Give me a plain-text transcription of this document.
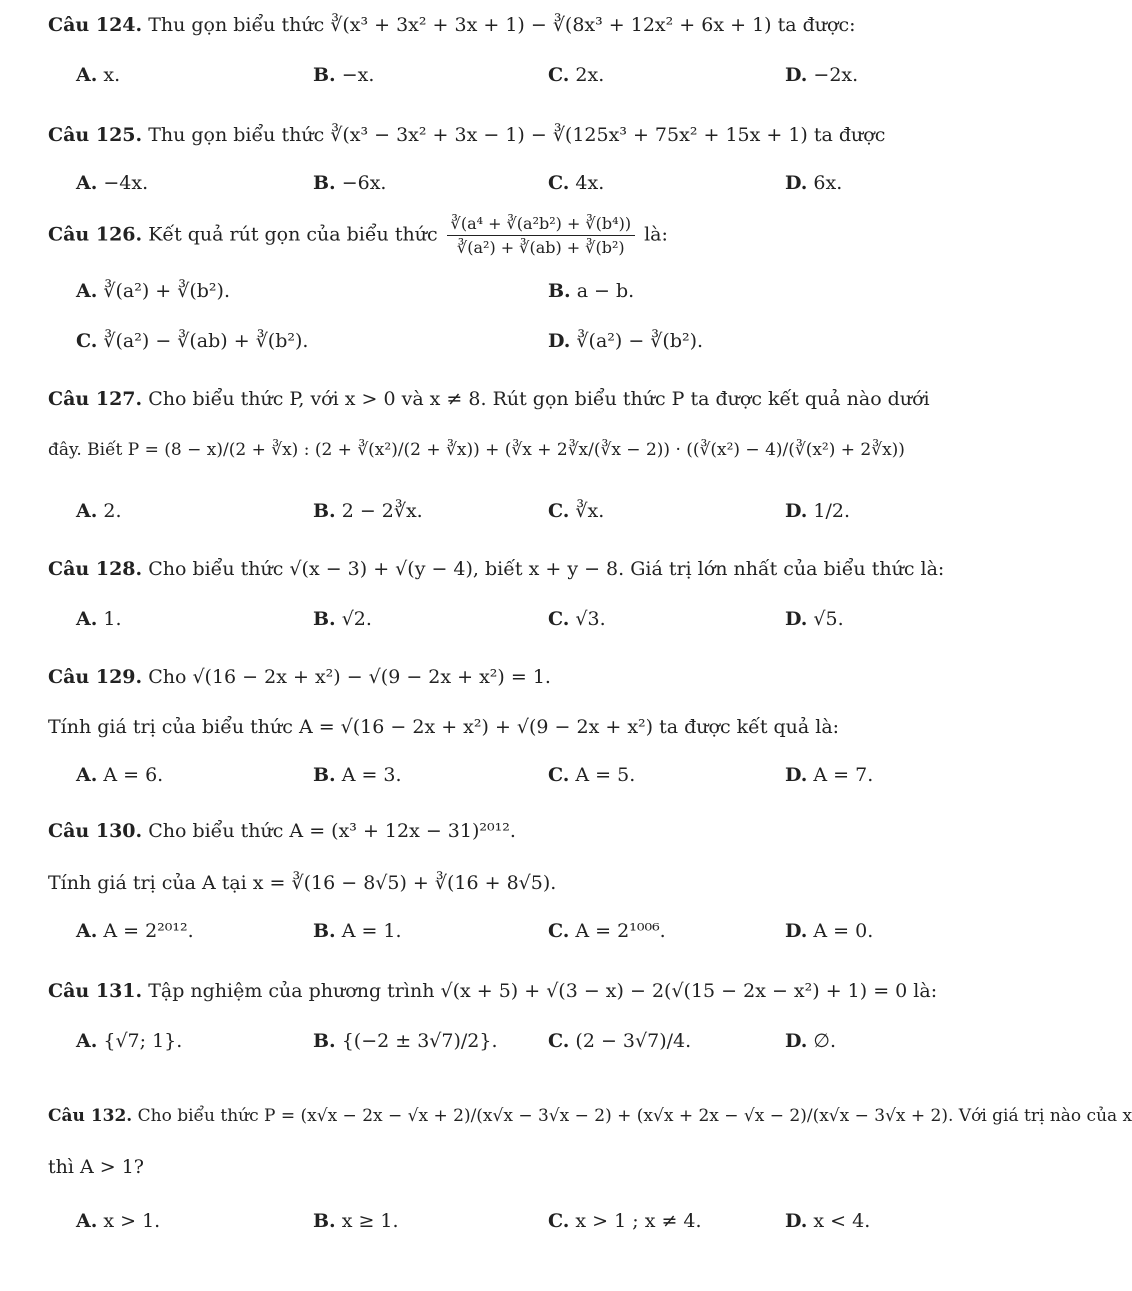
Câu 124. Thu gọn biểu thức ∛(x³ + 3x² + 3x + 1) − ∛(8x³ + 12x² + 6x + 1) ta được:
A. x.	B. −x.	C. 2x.	D. −2x.
Câu 125. Thu gọn biểu thức ∛(x³ − 3x² + 3x − 1) − ∛(125x³ + 75x² + 15x + 1) ta được
A. −4x.	B. −6x.	C. 4x.	D. 6x.
Câu 126. Kết quả rút gọn của biểu thức $\frac{\text{∛(a⁴ + ∛(a²b²) + ∛(b⁴))}}{\text{∛(a²) + ∛(ab) + ∛(b²)}}$ là:
A. ∛(a²) + ∛(b²).	B. a − b.
C. ∛(a²) − ∛(ab) + ∛(b²).	D. ∛(a²) − ∛(b²).
Câu 127. Cho biểu thức P, với x > 0 và x ≠ 8. Rút gọn biểu thức P ta được kết quả nào dưới
đây. Biết P = (8 − x)/(2 + ∛x) : (2 + ∛(x²)/(2 + ∛x)) + (∛x + 2∛x/(∛x − 2)) · ((∛(x²) − 4)/(∛(x²) + 2∛x))
A. 2.	B. 2 − 2∛x.	C. ∛x.	D. 1/2.
Câu 128. Cho biểu thức √(x − 3) + √(y − 4), biết x + y − 8. Giá trị lớn nhất của biểu thức là:
A. 1.	B. √2.	C. √3.	D. √5.
Câu 129. Cho √(16 − 2x + x²) − √(9 − 2x + x²) = 1.
Tính giá trị của biểu thức A = √(16 − 2x + x²) + √(9 − 2x + x²) ta được kết quả là:
A. A = 6.	B. A = 3.	C. A = 5.	D. A = 7.
Câu 130. Cho biểu thức A = (x³ + 12x − 31)²⁰¹².
Tính giá trị của A tại x = ∛(16 − 8√5) + ∛(16 + 8√5).
A. A = 2²⁰¹².	B. A = 1.	C. A = 2¹⁰⁰⁶.	D. A = 0.
Câu 131. Tập nghiệm của phương trình √(x + 5) + √(3 − x) − 2(√(15 − 2x − x²) + 1) = 0 là:
A. {√7; 1}.	B. {(−2 ± 3√7)/2}.	C. (2 − 3√7)/4.	D. ∅.
Câu 132. Cho biểu thức P = (x√x − 2x − √x + 2)/(x√x − 3√x − 2) + (x√x + 2x − √x − 2)/(x√x − 3√x + 2). Với giá trị nào của x
thì A > 1?
A. x > 1.	B. x ≥ 1.	C. x > 1 ; x ≠ 4.	D. x < 4.
